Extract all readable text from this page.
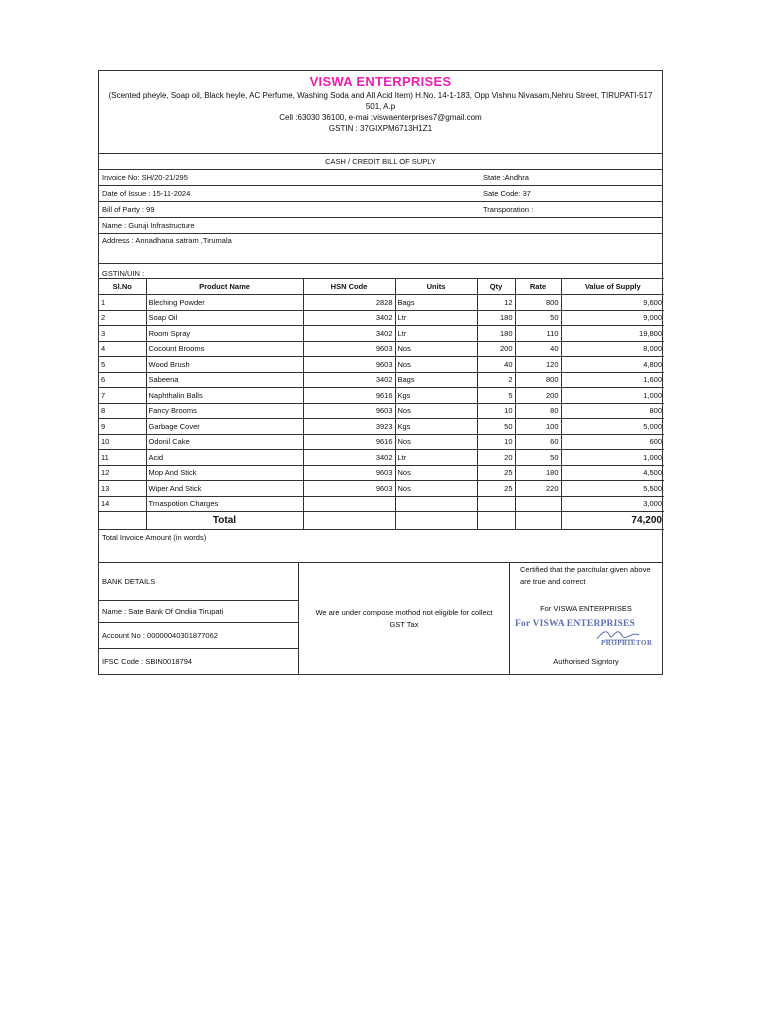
VISWA ENTERPRISES
(Scented pheyle, Soap oil, Black heyle, AC Perfume, Washing Soda and All Acid Item) H.No. 14-1-183, Opp Vishnu Nivasam,Nehru Street, TIRUPATI-517
501, A.p
Cell :63030 36100, e-mai :viswaenterprises7@gmail.com
GSTIN : 37GIXPM6713H1Z1
CASH / CREDIT BILL OF SUPLY
Invoice No: SH/20-21/295	State :Andhra
Date of Issue : 15-11-2024	Sate Code: 37
Bill of Party : 99	Transporation :
Name : Guruji Infrastructure
Address : Annadhana satram ,Tirumala
GSTIN/UIN :
Sl.No	Product Name	HSN Code	Units	Qty	Rate	Value of Supply
1	Bleching Powder	2828	Bags	12	800	9,600
2	Soap Oil	3402	Ltr	180	50	9,000
3	Room Spray	3402	Ltr	180	110	19,800
4	Cocount Brooms	9603	Nos	200	40	8,000
5	Wood Brush	9603	Nos	40	120	4,800
6	Sabeena	3402	Bags	2	800	1,600
7	Naphthalin Balls	9616	Kgs	5	200	1,000
8	Fancy Brooms	9603	Nos	10	80	800
9	Garbage Cover	3923	Kgs	50	100	5,000
10	Odonil Cake	9616	Nos	10	60	600
11	Acid	3402	Ltr	20	50	1,000
12	Mop And Stick	9603	Nos	25	180	4,500
13	Wiper And Stick	9603	Nos	25	220	5,500
14	Trnaspotion Charges					3,000
	Total					74,200
Total Invoice Amount (in words)
BANK DETAILS
Name : Sate Bank Of Ondiia Tirupati
Account No : 00000040301877062
IFSC Code : SBIN0018794
We are under compose mothod not eligible for collect GST Tax
Certified that the parcitular given above are true and correct
For VISWA ENTERPRISES
For VISWA ENTERPRISES
PROPRIETOR
Authorised Signtory
